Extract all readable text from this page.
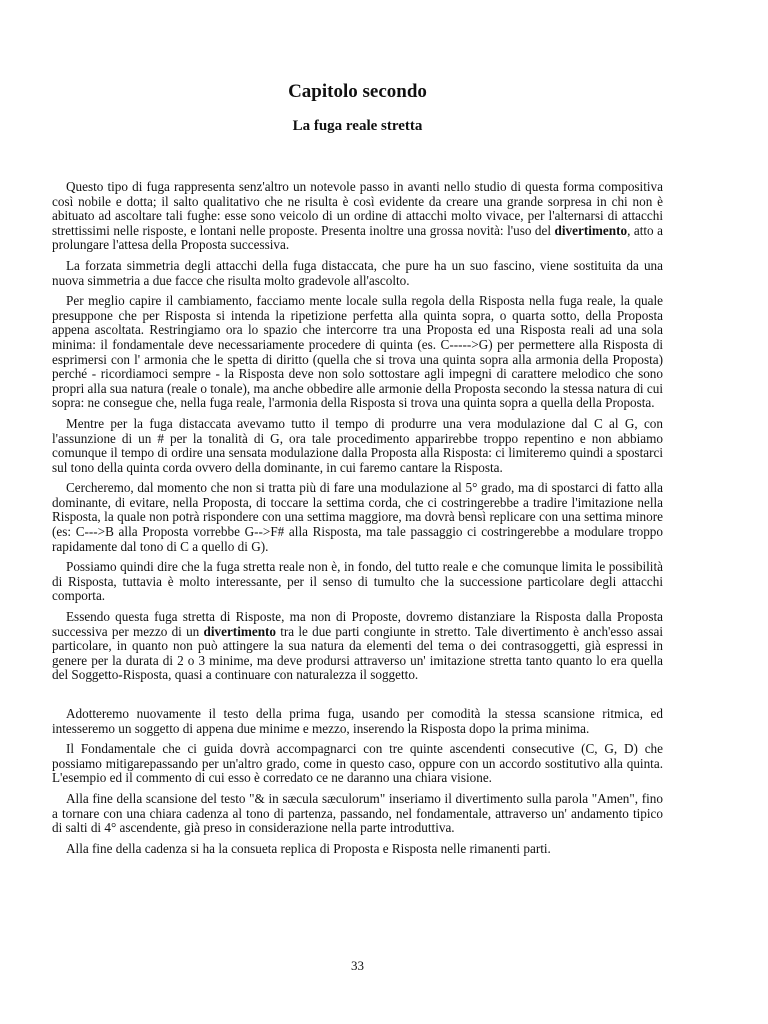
Capitolo secondo
La fuga reale stretta

Questo tipo di fuga rappresenta senz'altro un notevole passo in avanti nello studio di questa forma compositiva così nobile e dotta; il salto qualitativo che ne risulta è così evidente da creare una grande sorpresa in chi non è abituato ad ascoltare tali fughe: esse sono veicolo di un ordine di attacchi molto vivace, per l'alternarsi di attacchi strettissimi nelle risposte, e lontani nelle proposte. Presenta inoltre una grossa novità: l'uso del divertimento, atto a prolungare l'attesa della Proposta successiva.

La forzata simmetria degli attacchi della fuga distaccata, che pure ha un suo fascino, viene sostituita da una nuova simmetria a due facce che risulta molto gradevole all'ascolto.

Per meglio capire il cambiamento, facciamo mente locale sulla regola della Risposta nella fuga reale, la quale presuppone che per Risposta si intenda la ripetizione perfetta alla quinta sopra, o quarta sotto, della Proposta appena ascoltata. Restringiamo ora lo spazio che intercorre tra una Proposta ed una Risposta reali ad una sola minima: il fondamentale deve necessariamente procedere di quinta (es. C----->G) per permettere alla Risposta di esprimersi con l' armonia che le spetta di diritto (quella che si trova una quinta sopra alla armonia della Proposta) perché - ricordiamoci sempre - la Risposta deve non solo sottostare agli impegni di carattere melodico che sono propri alla sua natura (reale o tonale), ma anche obbedire alle armonie della Proposta secondo la stessa natura di cui sopra: ne consegue che, nella fuga reale, l'armonia della Risposta si trova una quinta sopra a quella della Proposta.

Mentre per la fuga distaccata avevamo tutto il tempo di produrre una vera modulazione dal C al G, con l'assunzione di un # per la tonalità di G, ora tale procedimento apparirebbe troppo repentino e non abbiamo comunque il tempo di ordire una sensata modulazione dalla Proposta alla Risposta: ci limiteremo quindi a spostarci sul tono della quinta corda ovvero della dominante, in cui faremo cantare la Risposta.

Cercheremo, dal momento che non si tratta più di fare una modulazione al 5° grado, ma di spostarci di fatto alla dominante, di evitare, nella Proposta, di toccare la settima corda, che ci costringerebbe a tradire l'imitazione nella Risposta, la quale non potrà rispondere con una settima maggiore, ma dovrà bensì replicare con una settima minore (es: C--->B alla Proposta vorrebbe G-->F# alla Risposta, ma tale passaggio ci costringerebbe a modulare troppo rapidamente dal tono di C a quello di G).

Possiamo quindi dire che la fuga stretta reale non è, in fondo, del tutto reale e che comunque limita le possibilità di Risposta, tuttavia è molto interessante, per il senso di tumulto che la successione particolare degli attacchi comporta.

Essendo questa fuga stretta di Risposte, ma non di Proposte, dovremo distanziare la Risposta dalla Proposta successiva per mezzo di un divertimento tra le due parti congiunte in stretto. Tale divertimento è anch'esso assai particolare, in quanto non può attingere la sua natura da elementi del tema o dei contrasoggetti, già espressi in genere per la durata di 2 o 3 minime, ma deve prodursi attraverso un' imitazione stretta tanto quanto lo era quella del Soggetto-Risposta, quasi a continuare con naturalezza il soggetto.

Adotteremo nuovamente il testo della prima fuga, usando per comodità la stessa scansione ritmica, ed intesseremo un soggetto di appena due minime e mezzo, inserendo la Risposta dopo la prima minima.

Il Fondamentale che ci guida dovrà accompagnarci con tre quinte ascendenti consecutive (C, G, D) che possiamo mitigarepassando per un'altro grado, come in questo caso, oppure con un accordo sostitutivo alla quinta. L'esempio ed il commento di cui esso è corredato ce ne daranno una chiara visione.

Alla fine della scansione del testo "& in sæcula sæculorum" inseriamo il divertimento sulla parola "Amen", fino a tornare con una chiara cadenza al tono di partenza, passando, nel fondamentale, attraverso un' andamento tipico di salti di 4° ascendente, già preso in considerazione nella parte introduttiva.

Alla fine della cadenza si ha la consueta replica di Proposta e Risposta nelle rimanenti parti.

33
